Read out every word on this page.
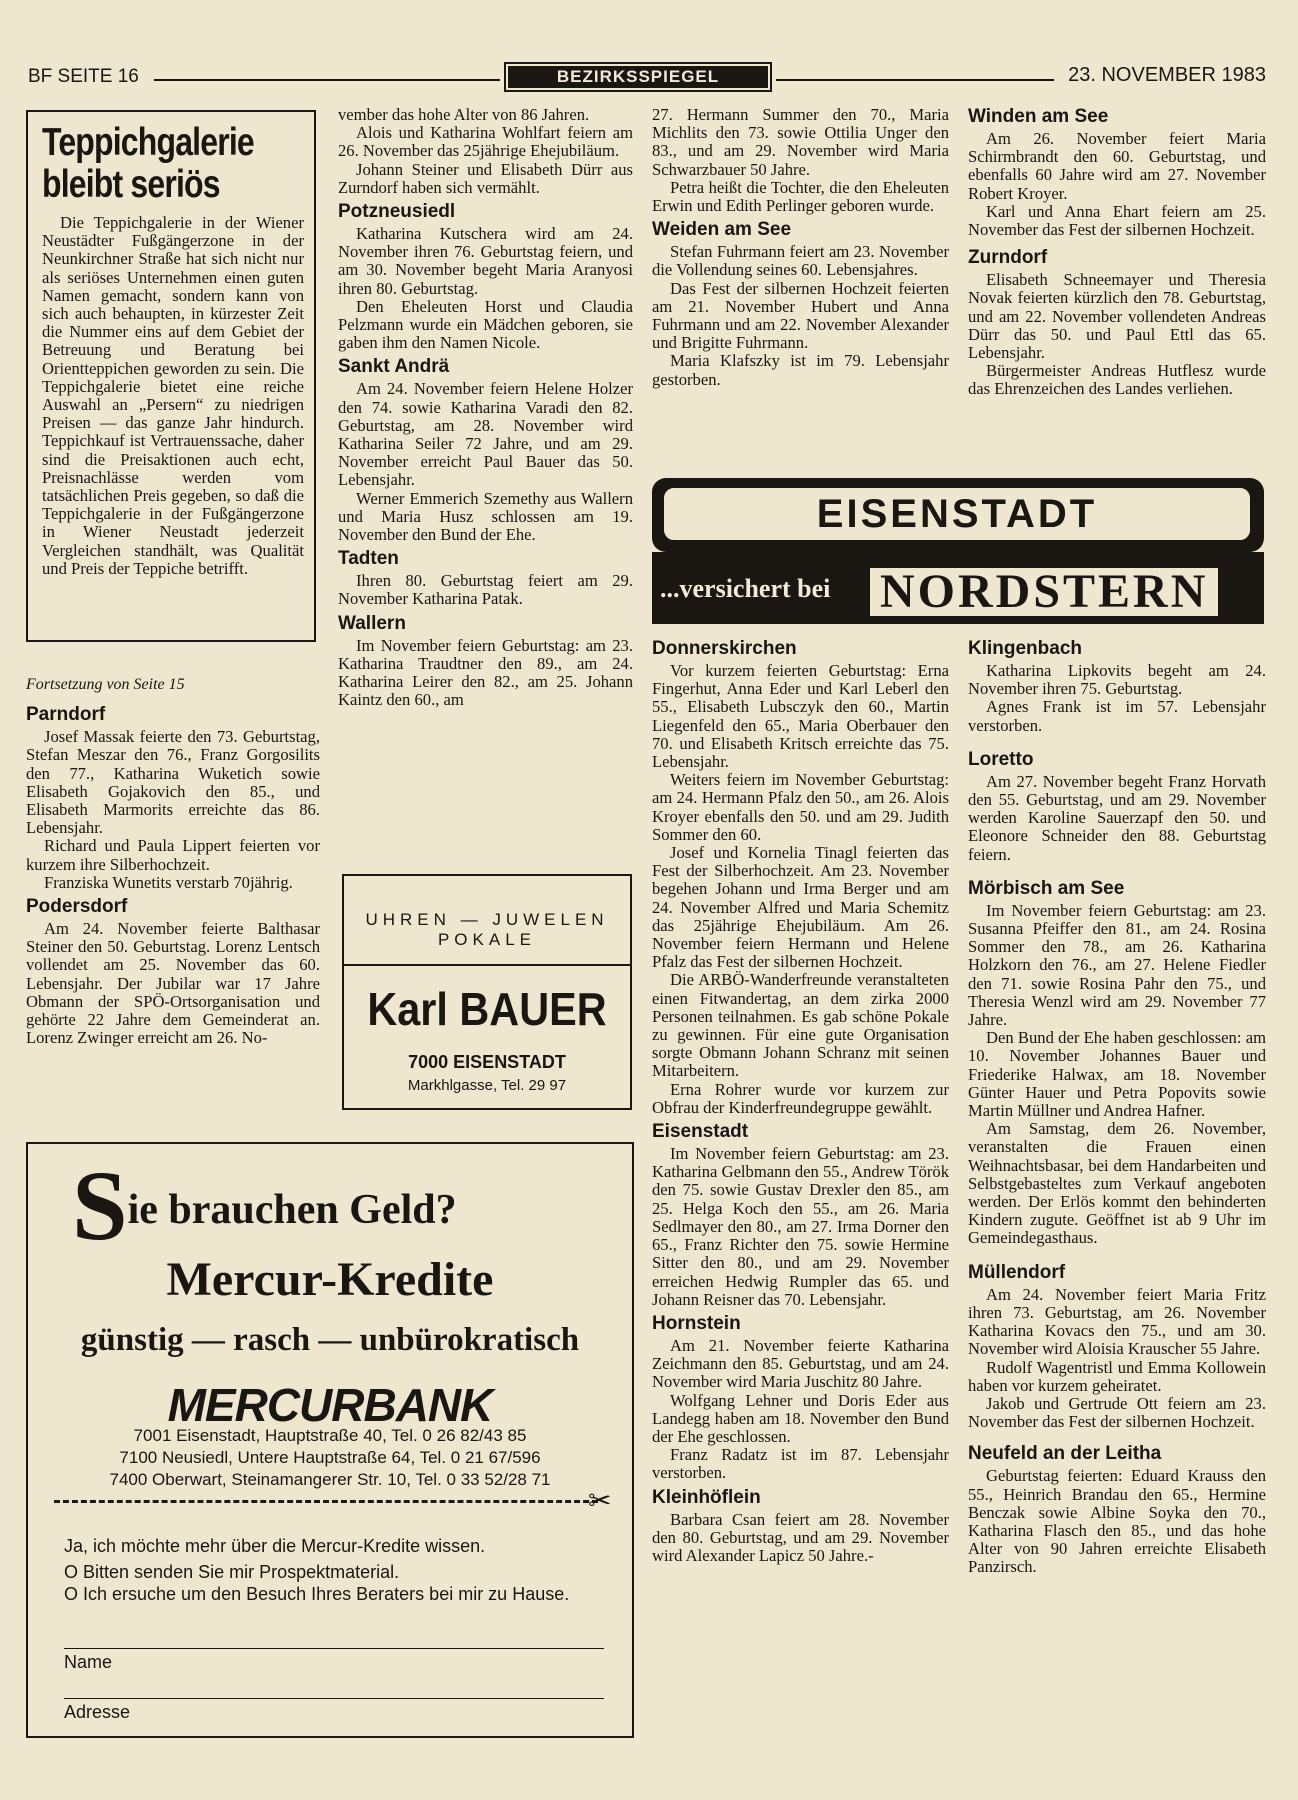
BF SEITE 16	BEZIRKSSPIEGEL	23. NOVEMBER 1983
Teppichgalerie
bleibt seriös

Die Teppichgalerie in der Wiener Neustädter Fußgängerzone in der Neunkirchner Straße hat sich nicht nur als seriöses Unternehmen einen guten Namen gemacht, sondern kann von sich auch behaupten, in kürzester Zeit die Nummer eins auf dem Gebiet der Betreuung und Beratung bei Orientteppichen geworden zu sein. Die Teppichgalerie bietet eine reiche Auswahl an „Persern“ zu niedrigen Preisen — das ganze Jahr hindurch. Teppichkauf ist Vertrauenssache, daher sind die Preisaktionen auch echt, Preisnachlässe werden vom tatsächlichen Preis gegeben, so daß die Teppichgalerie in der Fußgängerzone in Wiener Neustadt jederzeit Vergleichen standhält, was Qualität und Preis der Teppiche betrifft.

Fortsetzung von Seite 15

Parndorf

Josef Massak feierte den 73. Geburtstag, Stefan Meszar den 76., Franz Gorgosilits den 77., Katharina Wuketich sowie Elisabeth Gojakovich den 85., und Elisabeth Marmorits erreichte das 86. Lebensjahr.

Richard und Paula Lippert feierten vor kurzem ihre Silberhochzeit.

Franziska Wunetits verstarb 70jährig.

Podersdorf

Am 24. November feierte Balthasar Steiner den 50. Geburtstag. Lorenz Lentsch vollendet am 25. November das 60. Lebensjahr. Der Jubilar war 17 Jahre Obmann der SPÖ-Ortsorganisation und gehörte 22 Jahre dem Gemeinderat an. Lorenz Zwinger erreicht am 26. No-

vember das hohe Alter von 86 Jahren.

Alois und Katharina Wohlfart feiern am 26. November das 25jährige Ehejubiläum.

Johann Steiner und Elisabeth Dürr aus Zurndorf haben sich vermählt.

Potzneusiedl

Katharina Kutschera wird am 24. November ihren 76. Geburtstag feiern, und am 30. November begeht Maria Aranyosi ihren 80. Geburtstag.

Den Eheleuten Horst und Claudia Pelzmann wurde ein Mädchen geboren, sie gaben ihm den Namen Nicole.

Sankt Andrä

Am 24. November feiern Helene Holzer den 74. sowie Katharina Varadi den 82. Geburtstag, am 28. November wird Katharina Seiler 72 Jahre, und am 29. November erreicht Paul Bauer das 50. Lebensjahr.

Werner Emmerich Szemethy aus Wallern und Maria Husz schlossen am 19. November den Bund der Ehe.

Tadten

Ihren 80. Geburtstag feiert am 29. November Katharina Patak.

Wallern

Im November feiern Geburtstag: am 23. Katharina Traudtner den 89., am 24. Katharina Leirer den 82., am 25. Johann Kaintz den 60., am

27. Hermann Summer den 70., Maria Michlits den 73. sowie Ottilia Unger den 83., und am 29. November wird Maria Schwarzbauer 50 Jahre.

Petra heißt die Tochter, die den Eheleuten Erwin und Edith Perlinger geboren wurde.

Weiden am See

Stefan Fuhrmann feiert am 23. November die Vollendung seines 60. Lebensjahres.

Das Fest der silbernen Hochzeit feierten am 21. November Hubert und Anna Fuhrmann und am 22. November Alexander und Brigitte Fuhrmann.

Maria Klafszky ist im 79. Lebensjahr gestorben.

Winden am See

Am 26. November feiert Maria Schirmbrandt den 60. Geburtstag, und ebenfalls 60 Jahre wird am 27. November Robert Kroyer.

Karl und Anna Ehart feiern am 25. November das Fest der silbernen Hochzeit.

Zurndorf

Elisabeth Schneemayer und Theresia Novak feierten kürzlich den 78. Geburtstag, und am 22. November vollendeten Andreas Dürr das 50. und Paul Ettl das 65. Lebensjahr.

Bürgermeister Andreas Hutflesz wurde das Ehrenzeichen des Landes verliehen.

EISENSTADT
...versichert bei NORDSTERN
Donnerskirchen

Vor kurzem feierten Geburtstag: Erna Fingerhut, Anna Eder und Karl Leberl den 55., Elisabeth Lubsczyk den 60., Martin Liegenfeld den 65., Maria Oberbauer den 70. und Elisabeth Kritsch erreichte das 75. Lebensjahr.

Weiters feiern im November Geburtstag: am 24. Hermann Pfalz den 50., am 26. Alois Kroyer ebenfalls den 50. und am 29. Judith Sommer den 60.

Josef und Kornelia Tinagl feierten das Fest der Silberhochzeit. Am 23. November begehen Johann und Irma Berger und am 24. November Alfred und Maria Schemitz das 25jährige Ehejubiläum. Am 26. November feiern Hermann und Helene Pfalz das Fest der silbernen Hochzeit.

Die ARBÖ-Wanderfreunde veranstalteten einen Fitwandertag, an dem zirka 2000 Personen teilnahmen. Es gab schöne Pokale zu gewinnen. Für eine gute Organisation sorgte Obmann Johann Schranz mit seinen Mitarbeitern.

Erna Rohrer wurde vor kurzem zur Obfrau der Kinderfreundegruppe gewählt.

Eisenstadt

Im November feiern Geburtstag: am 23. Katharina Gelbmann den 55., Andrew Török den 75. sowie Gustav Drexler den 85., am 25. Helga Koch den 55., am 26. Maria Sedlmayer den 80., am 27. Irma Dorner den 65., Franz Richter den 75. sowie Hermine Sitter den 80., und am 29. November erreichen Hedwig Rumpler das 65. und Johann Reisner das 70. Lebensjahr.

Hornstein

Am 21. November feierte Katharina Zeichmann den 85. Geburtstag, und am 24. November wird Maria Juschitz 80 Jahre.

Wolfgang Lehner und Doris Eder aus Landegg haben am 18. November den Bund der Ehe geschlossen.

Franz Radatz ist im 87. Lebensjahr verstorben.

Kleinhöflein

Barbara Csan feiert am 28. November den 80. Geburtstag, und am 29. November wird Alexander Lapicz 50 Jahre.-

Klingenbach

Katharina Lipkovits begeht am 24. November ihren 75. Geburtstag.

Agnes Frank ist im 57. Lebensjahr verstorben.

Loretto

Am 27. November begeht Franz Horvath den 55. Geburtstag, und am 29. November werden Karoline Sauerzapf den 50. und Eleonore Schneider den 88. Geburtstag feiern.

Mörbisch am See

Im November feiern Geburtstag: am 23. Susanna Pfeiffer den 81., am 24. Rosina Sommer den 78., am 26. Katharina Holzkorn den 76., am 27. Helene Fiedler den 71. sowie Rosina Pahr den 75., und Theresia Wenzl wird am 29. November 77 Jahre.

Den Bund der Ehe haben geschlossen: am 10. November Johannes Bauer und Friederike Halwax, am 18. November Günter Hauer und Petra Popovits sowie Martin Müllner und Andrea Hafner.

Am Samstag, dem 26. November, veranstalten die Frauen einen Weihnachtsbasar, bei dem Handarbeiten und Selbstgebasteltes zum Verkauf angeboten werden. Der Erlös kommt den behinderten Kindern zugute. Geöffnet ist ab 9 Uhr im Gemeindegasthaus.

Müllendorf

Am 24. November feiert Maria Fritz ihren 73. Geburtstag, am 26. November Katharina Kovacs den 75., und am 30. November wird Aloisia Krauscher 55 Jahre.

Rudolf Wagentristl und Emma Kollowein haben vor kurzem geheiratet.

Jakob und Gertrude Ott feiern am 23. November das Fest der silbernen Hochzeit.

Neufeld an der Leitha

Geburtstag feierten: Eduard Krauss den 55., Heinrich Brandau den 65., Hermine Benczak sowie Albine Soyka den 70., Katharina Flasch den 85., und das hohe Alter von 90 Jahren erreichte Elisabeth Panzirsch.

UHREN — JUWELEN
POKALE
Karl BAUER
7000 EISENSTADT
Markhlgasse, Tel. 29 97
Sie brauchen Geld?
Mercur-Kredite
günstig — rasch — unbürokratisch
MERCURBANK
7001 Eisenstadt, Hauptstraße 40, Tel. 0 26 82/43 85
7100 Neusiedl, Untere Hauptstraße 64, Tel. 0 21 67/596
7400 Oberwart, Steinamangerer Str. 10, Tel. 0 33 52/28 71
✂
Ja, ich möchte mehr über die Mercur-Kredite wissen.
O Bitten senden Sie mir Prospektmaterial.
O Ich ersuche um den Besuch Ihres Beraters bei mir zu Hause.
Name
Adresse
